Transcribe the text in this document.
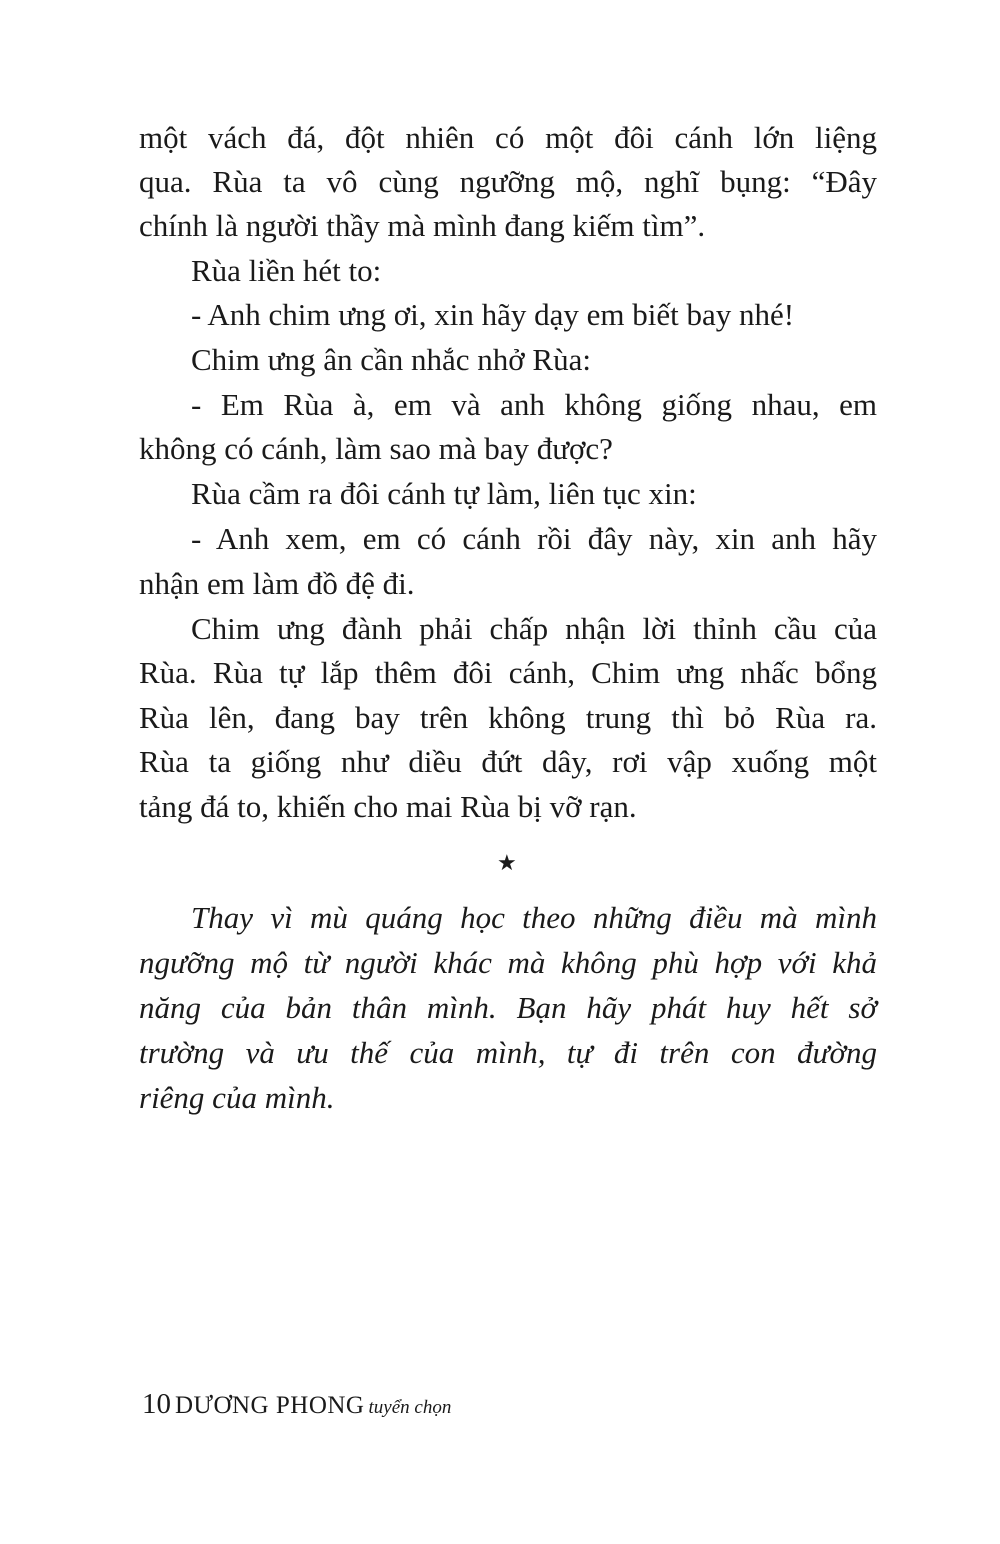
một vách đá, đột nhiên có một đôi cánh lớn liệng
qua. Rùa ta vô cùng ngưỡng mộ, nghĩ bụng: “Đây
chính là người thầy mà mình đang kiếm tìm”.
Rùa liền hét to:
- Anh chim ưng ơi, xin hãy dạy em biết bay nhé!
Chim ưng ân cần nhắc nhở Rùa:
- Em Rùa à, em và anh không giống nhau, em
không có cánh, làm sao mà bay được?
Rùa cầm ra đôi cánh tự làm, liên tục xin:
- Anh xem, em có cánh rồi đây này, xin anh hãy
nhận em làm đồ đệ đi.
Chim ưng đành phải chấp nhận lời thỉnh cầu của
Rùa. Rùa tự lắp thêm đôi cánh, Chim ưng nhấc bổng
Rùa lên, đang bay trên không trung thì bỏ Rùa ra.
Rùa ta giống như diều đứt dây, rơi vập xuống một
tảng đá to, khiến cho mai Rùa bị vỡ rạn.
★
Thay vì mù quáng học theo những điều mà mình
ngưỡng mộ từ người khác mà không phù hợp với khả
năng của bản thân mình. Bạn hãy phát huy hết sở
trường và ưu thế của mình, tự đi trên con đường
riêng của mình.
10 DƯƠNG PHONG tuyển chọn
